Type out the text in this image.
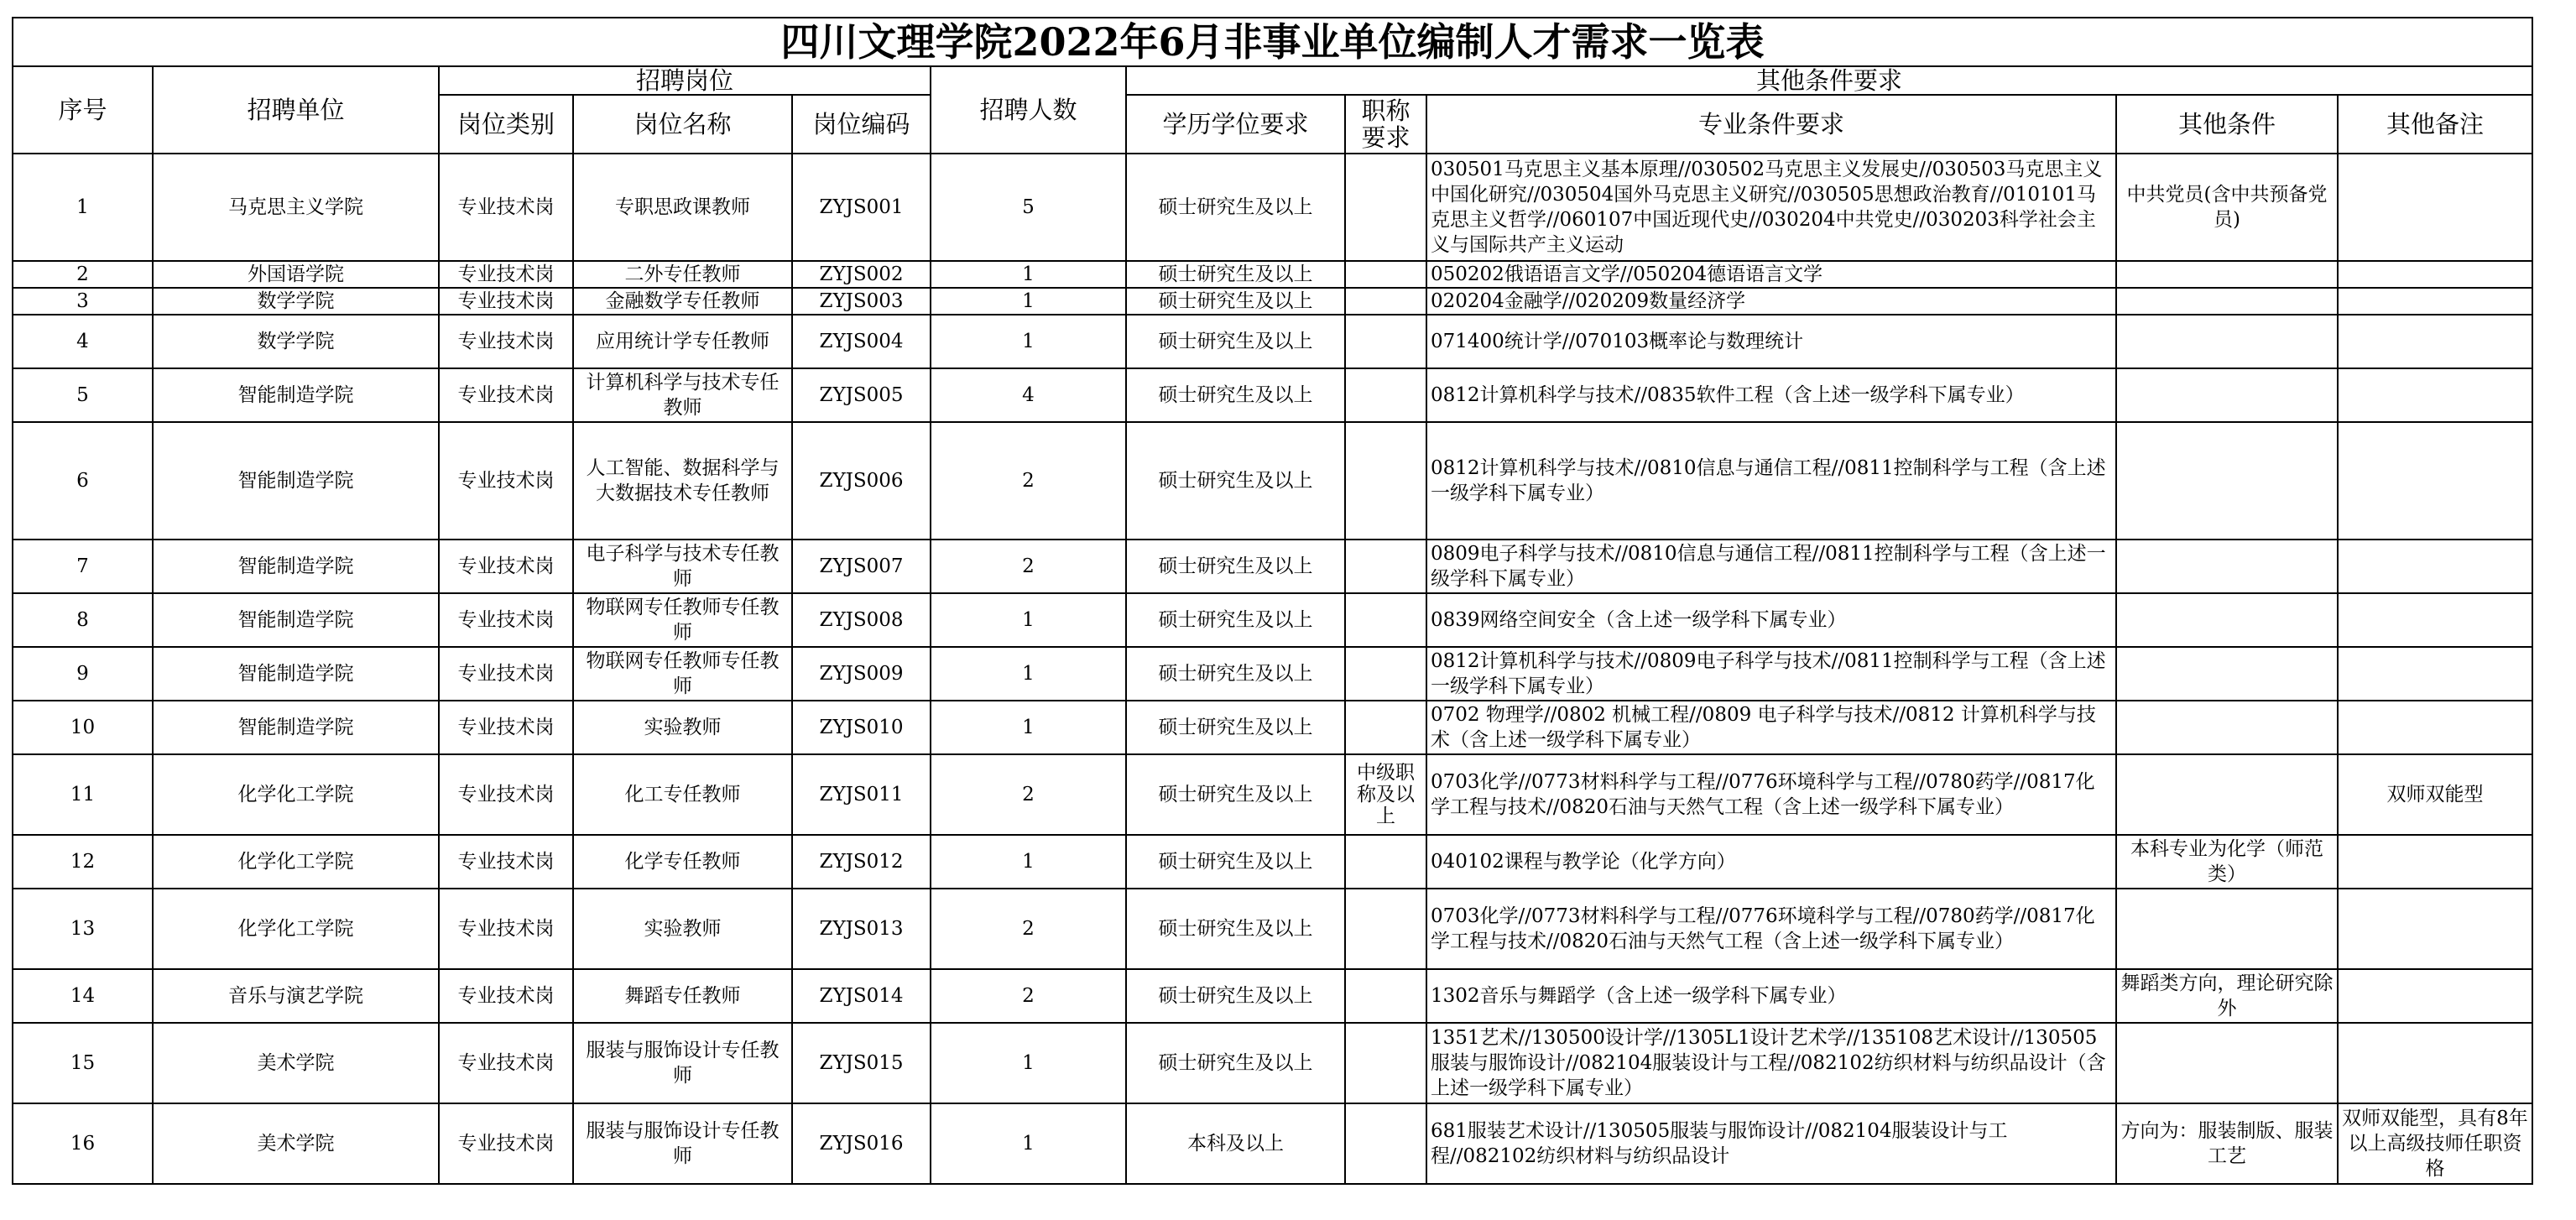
四川文理学院2022年6月非事业单位编制人才需求一览表										
序号	招聘单位	招聘岗位			招聘人数	其他条件要求				
		岗位类别	岗位名称	岗位编码		学历学位要求	职称要求	专业条件要求	其他条件	其他备注
1	马克思主义学院	专业技术岗	专职思政课教师	ZYJS001	5	硕士研究生及以上		030501马克思主义基本原理//030502马克思主义发展史//030503马克思主义中国化研究//030504国外马克思主义研究//030505思想政治教育//010101马克思主义哲学//060107中国近现代史//030204中共党史//030203科学社会主义与国际共产主义运动	中共党员(含中共预备党员)	
2	外国语学院	专业技术岗	二外专任教师	ZYJS002	1	硕士研究生及以上		050202俄语语言文学//050204德语语言文学		
3	数学学院	专业技术岗	金融数学专任教师	ZYJS003	1	硕士研究生及以上		020204金融学//020209数量经济学		
4	数学学院	专业技术岗	应用统计学专任教师	ZYJS004	1	硕士研究生及以上		071400统计学//070103概率论与数理统计		
5	智能制造学院	专业技术岗	计算机科学与技术专任教师	ZYJS005	4	硕士研究生及以上		0812计算机科学与技术//0835软件工程（含上述一级学科下属专业）		
6	智能制造学院	专业技术岗	人工智能、数据科学与大数据技术专任教师	ZYJS006	2	硕士研究生及以上		0812计算机科学与技术//0810信息与通信工程//0811控制科学与工程（含上述一级学科下属专业）		
7	智能制造学院	专业技术岗	电子科学与技术专任教师	ZYJS007	2	硕士研究生及以上		0809电子科学与技术//0810信息与通信工程//0811控制科学与工程（含上述一级学科下属专业）		
8	智能制造学院	专业技术岗	物联网专任教师专任教师	ZYJS008	1	硕士研究生及以上		0839网络空间安全（含上述一级学科下属专业）		
9	智能制造学院	专业技术岗	物联网专任教师专任教师	ZYJS009	1	硕士研究生及以上		0812计算机科学与技术//0809电子科学与技术//0811控制科学与工程（含上述一级学科下属专业）		
10	智能制造学院	专业技术岗	实验教师	ZYJS010	1	硕士研究生及以上		0702 物理学//0802 机械工程//0809 电子科学与技术//0812 计算机科学与技术（含上述一级学科下属专业）		
11	化学化工学院	专业技术岗	化工专任教师	ZYJS011	2	硕士研究生及以上	中级职称及以上	0703化学//0773材料科学与工程//0776环境科学与工程//0780药学//0817化学工程与技术//0820石油与天然气工程（含上述一级学科下属专业）		双师双能型
12	化学化工学院	专业技术岗	化学专任教师	ZYJS012	1	硕士研究生及以上		040102课程与教学论（化学方向）	本科专业为化学（师范类）	
13	化学化工学院	专业技术岗	实验教师	ZYJS013	2	硕士研究生及以上		0703化学//0773材料科学与工程//0776环境科学与工程//0780药学//0817化学工程与技术//0820石油与天然气工程（含上述一级学科下属专业）		
14	音乐与演艺学院	专业技术岗	舞蹈专任教师	ZYJS014	2	硕士研究生及以上		1302音乐与舞蹈学（含上述一级学科下属专业）	舞蹈类方向，理论研究除外	
15	美术学院	专业技术岗	服装与服饰设计专任教师	ZYJS015	1	硕士研究生及以上		1351艺术//130500设计学//1305L1设计艺术学//135108艺术设计//130505服装与服饰设计//082104服装设计与工程//082102纺织材料与纺织品设计（含上述一级学科下属专业）		
16	美术学院	专业技术岗	服装与服饰设计专任教师	ZYJS016	1	本科及以上		681服装艺术设计//130505服装与服饰设计//082104服装设计与工程//082102纺织材料与纺织品设计	方向为：服装制版、服装工艺	双师双能型，具有8年以上高级技师任职资格
